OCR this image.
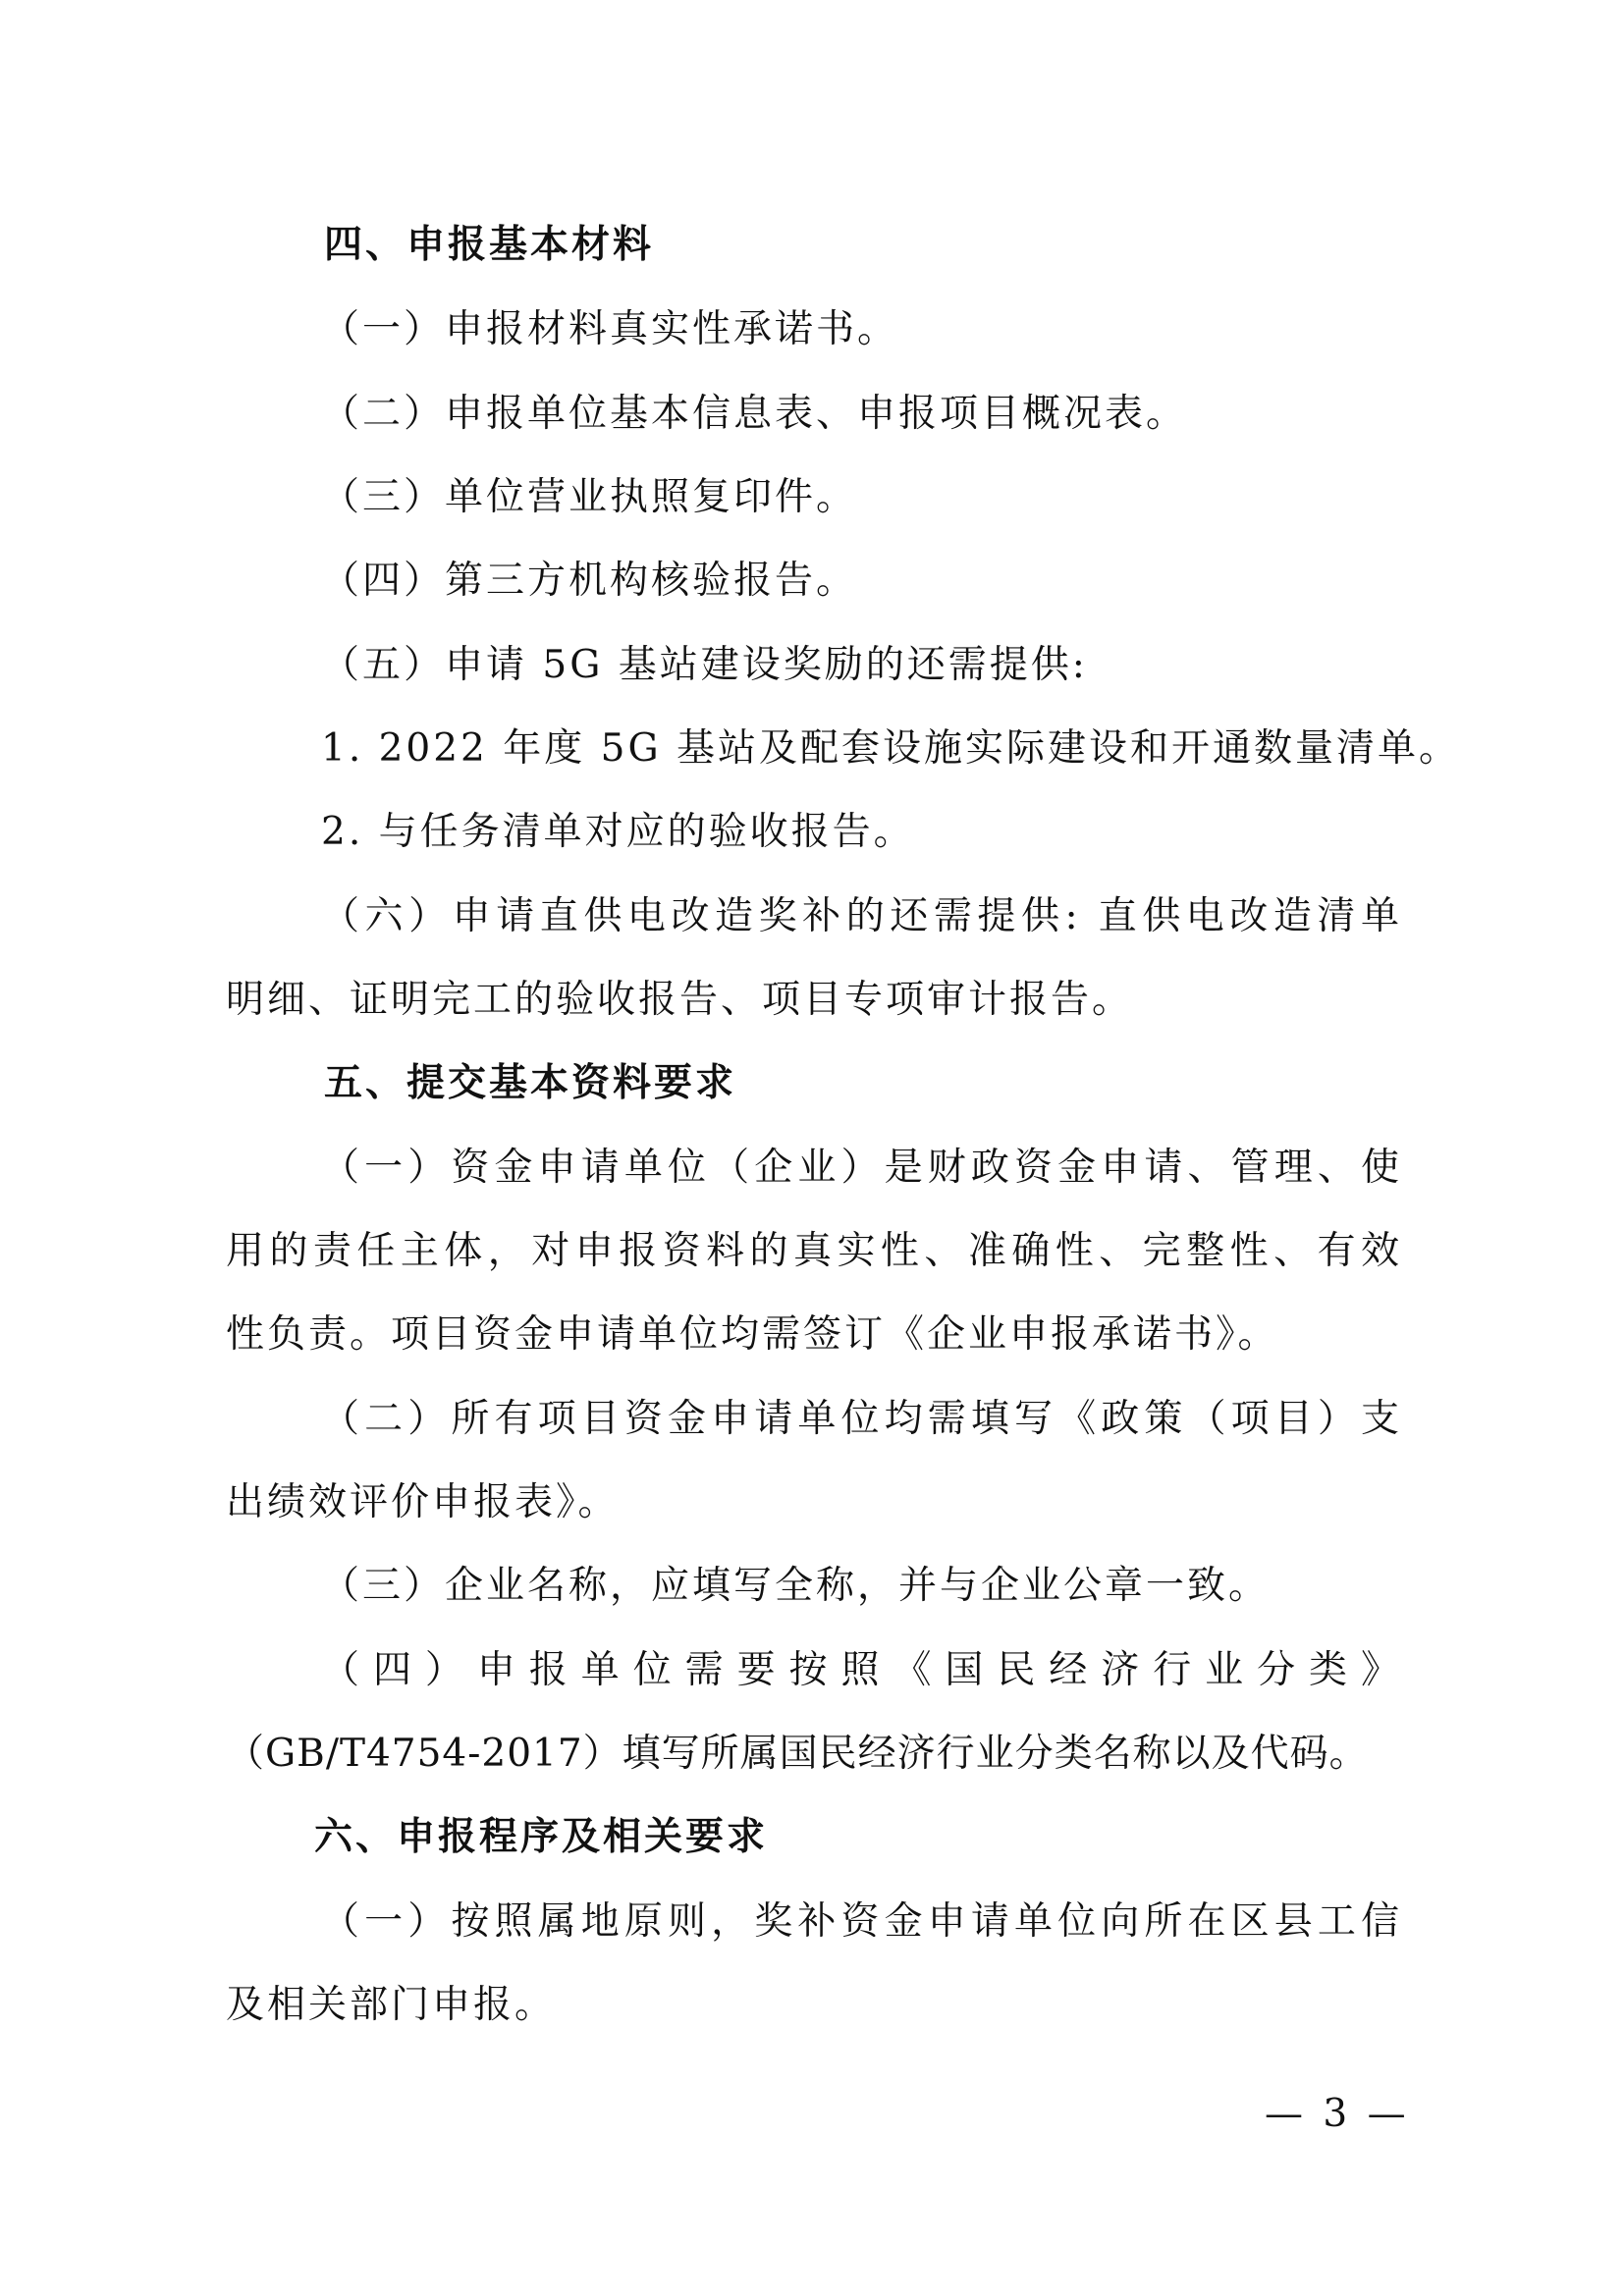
四、申报基本材料
（一）申报材料真实性承诺书。
（二）申报单位基本信息表、申报项目概况表。
（三）单位营业执照复印件。
（四）第三方机构核验报告。
（五）申请 5G 基站建设奖励的还需提供:
1. 2022 年度 5G 基站及配套设施实际建设和开通数量清单。
2. 与任务清单对应的验收报告。
（六）申请直供电改造奖补的还需提供: 直供电改造清单
明细、证明完工的验收报告、项目专项审计报告。
五、提交基本资料要求
（一）资金申请单位（企业）是财政资金申请、管理、使
用的责任主体，对申报资料的真实性、准确性、完整性、有效
性负责。项目资金申请单位均需签订《企业申报承诺书》。
（二）所有项目资金申请单位均需填写《政策（项目）支
出绩效评价申报表》。
（三）企业名称，应填写全称，并与企业公章一致。
（四）申报单位需要按照《国民经济行业分类》
（GB/T4754-2017）填写所属国民经济行业分类名称以及代码。
六、申报程序及相关要求
（一）按照属地原则，奖补资金申请单位向所在区县工信
及相关部门申报。
— 3 —
